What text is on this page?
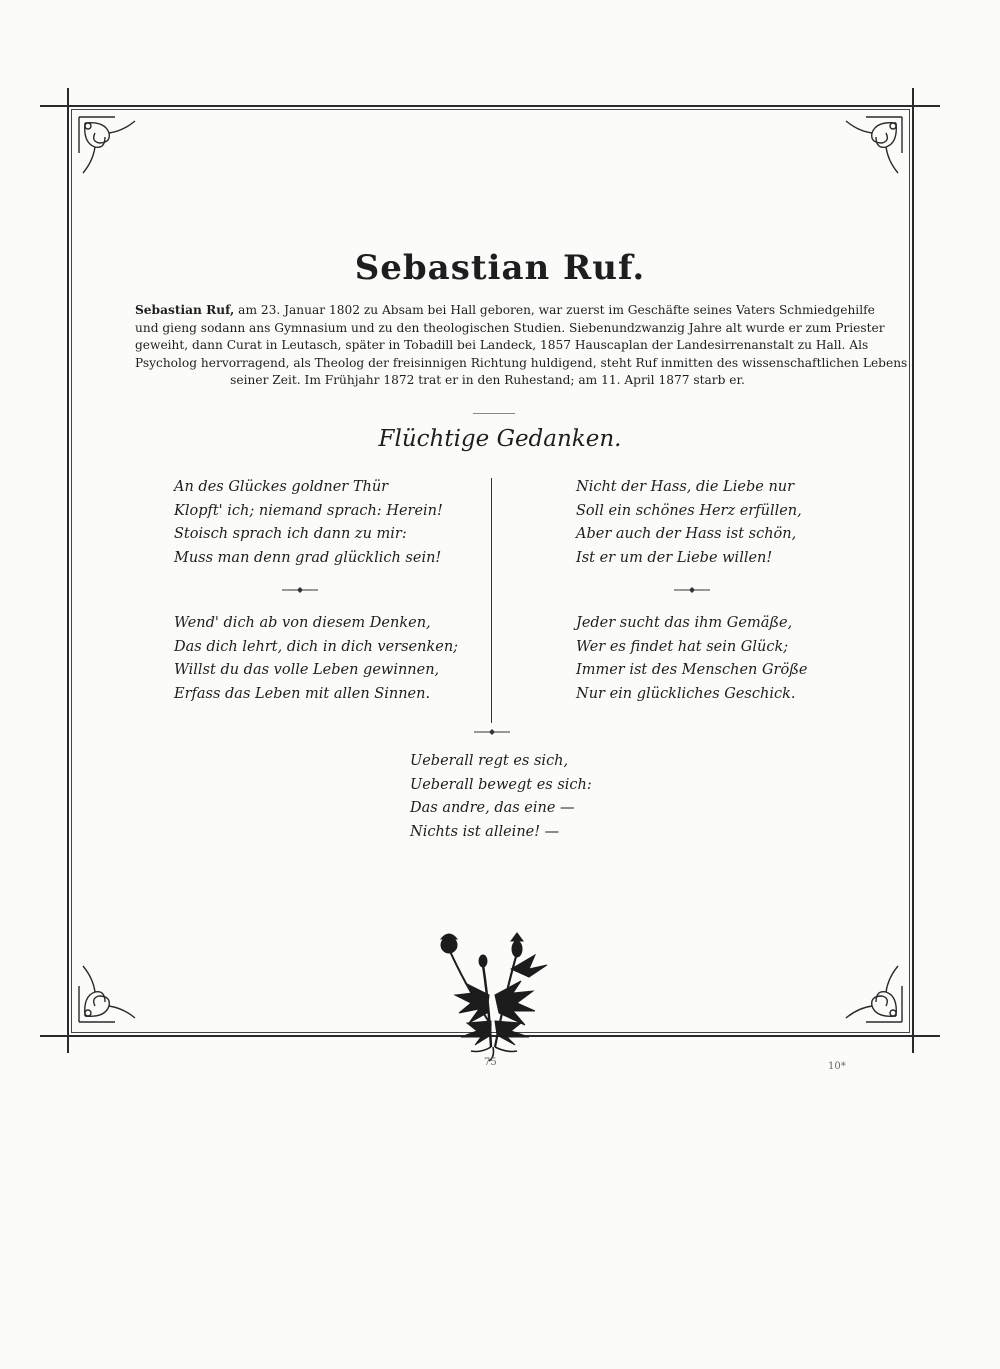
Sebastian Ruf.
Sebastian Ruf, am 23. Januar 1802 zu Absam bei Hall geboren, war zuerst im Geschäfte seines Vaters Schmiedgehilfe
und gieng sodann ans Gymnasium und zu den theologischen Studien. Siebenundzwanzig Jahre alt wurde er zum Priester
geweiht, dann Curat in Leutasch, später in Tobadill bei Landeck, 1857 Hauscaplan der Landesirrenanstalt zu Hall. Als
Psycholog hervorragend, als Theolog der freisinnigen Richtung huldigend, steht Ruf inmitten des wissenschaftlichen Lebens
seiner Zeit. Im Frühjahr 1872 trat er in den Ruhestand; am 11. April 1877 starb er.
Flüchtige Gedanken.
An des Glückes goldner Thür
Klopft' ich; niemand sprach: Herein!
Stoisch sprach ich dann zu mir:
Muss man denn grad glücklich sein!
Wend' dich ab von diesem Denken,
Das dich lehrt, dich in dich versenken;
Willst du das volle Leben gewinnen,
Erfass das Leben mit allen Sinnen.
Nicht der Hass, die Liebe nur
Soll ein schönes Herz erfüllen,
Aber auch der Hass ist schön,
Ist er um der Liebe willen!
Jeder sucht das ihm Gemäße,
Wer es findet hat sein Glück;
Immer ist des Menschen Größe
Nur ein glückliches Geschick.
Ueberall regt es sich,
Ueberall bewegt es sich:
Das andre, das eine —
Nichts ist alleine! —
75	10*
